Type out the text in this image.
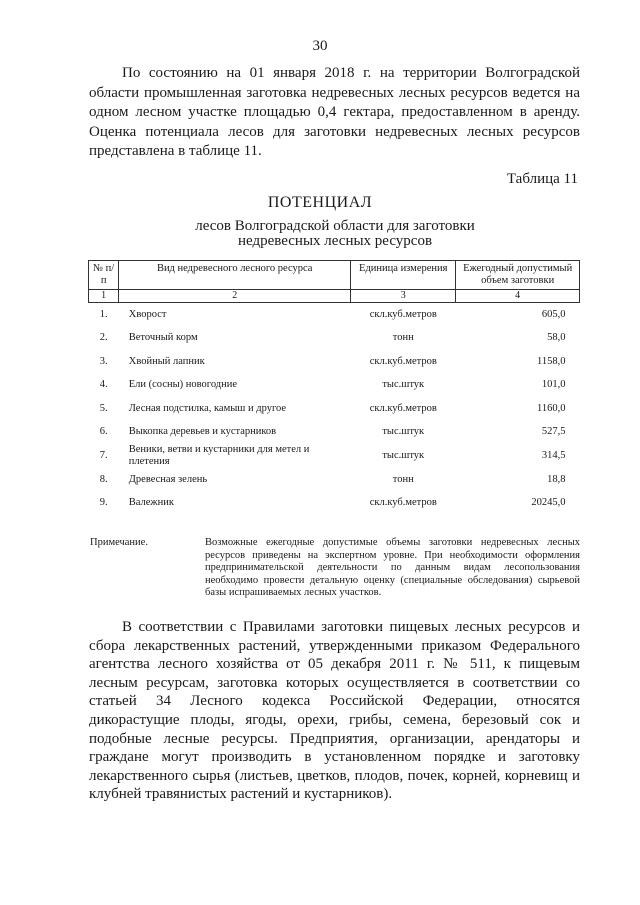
30

По состоянию на 01 января 2018 г. на территории Волгоградской области промышленная заготовка недревесных лесных ресурсов ведется на одном лесном участке площадью 0,4 гектара, предоставленном в аренду. Оценка потенциала лесов для заготовки недревесных лесных ресурсов представлена в таблице 11.

Таблица 11
ПОТЕНЦИАЛ
лесов Волгоградской области для заготовки недревесных лесных ресурсов
№ п/п	Вид недревесного лесного ресурса	Единица измерения	Ежегодный допустимый объем заготовки
1	2	3	4
1.	Хворост	скл.куб.метров	605,0
2.	Веточный корм	тонн	58,0
3.	Хвойный лапник	скл.куб.метров	1158,0
4.	Ели (сосны) новогодние	тыс.штук	101,0
5.	Лесная подстилка, камыш и другое	скл.куб.метров	1160,0
6.	Выкопка деревьев и кустарников	тыс.штук	527,5
7.	Веники, ветви и кустарники для метел и плетения	тыс.штук	314,5
8.	Древесная зелень	тонн	18,8
9.	Валежник	скл.куб.метров	20245,0
Примечание.	Возможные ежегодные допустимые объемы заготовки недревесных лесных ресурсов приведены на экспертном уровне. При необходимости оформления предпринимательской деятельности по данным видам лесопользования необходимо провести детальную оценку (специальные обследования) сырьевой базы испрашиваемых лесных участков.

В соответствии с Правилами заготовки пищевых лесных ресурсов и сбора лекарственных растений, утвержденными приказом Федерального агентства лесного хозяйства от 05 декабря 2011 г. № 511, к пищевым лесным ресурсам, заготовка которых осуществляется в соответствии со статьей 34 Лесного кодекса Российской Федерации, относятся дикорастущие плоды, ягоды, орехи, грибы, семена, березовый сок и подобные лесные ресурсы. Предприятия, организации, арендаторы и граждане могут производить в установленном порядке и заготовку лекарственного сырья (листьев, цветков, плодов, почек, корней, корневищ и клубней травянистых растений и кустарников).
